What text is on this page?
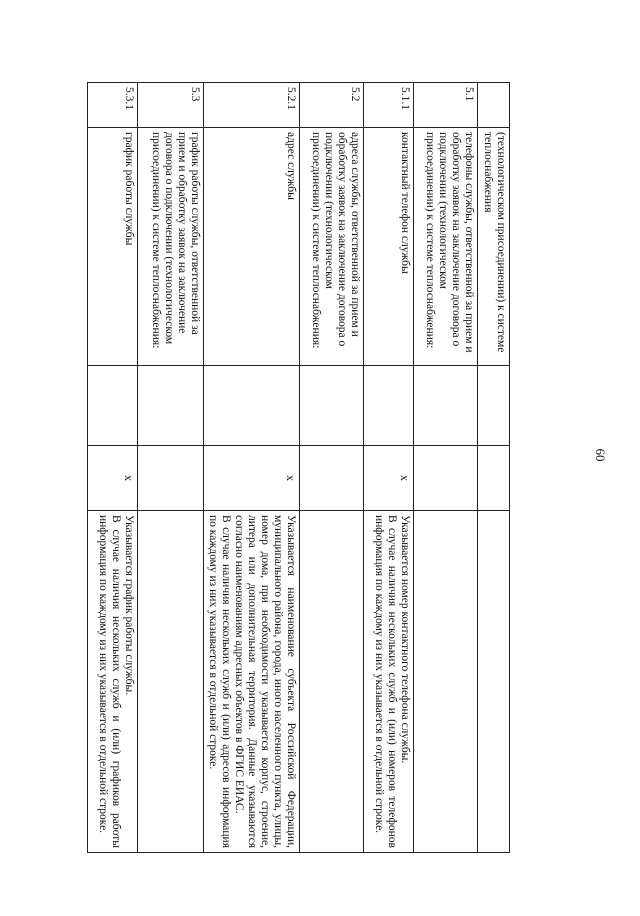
60
	(технологическом присоединении) к системе теплоснабжения			
5.1	телефоны службы, ответственной за прием и обработку заявок на заключение договора о подключении (технологическом присоединении) к системе теплоснабжения:			
5.1.1	контактный телефон службы		x	Указывается номер контактного телефона службы.
В случае наличия нескольких служб и (или) номеров телефонов информация по каждому из них указывается в отдельной строке.

5.2	адреса службы, ответственной за прием и обработку заявок на заключение договора о подключении (технологическом присоединении) к системе теплоснабжения:			
5.2.1	адрес службы		x	Указывается наименование субъекта Российской Федерации, муниципального района, города, иного населенного пункта, улицы, номер дома, при необходимости указывается корпус, строение, литера или дополнительная территория. Данные указываются согласно наименованиям адресных объектов в ФГИС ЕИАС.
В случае наличия нескольких служб и (или) адресов информация по каждому из них указывается в отдельной строке.

5.3	график работы службы, ответственной за прием и обработку заявок на заключение договора о подключении (технологическом присоединении) к системе теплоснабжения:			
5.3.1	график работы службы		x	Указывается график работы службы.
В случае наличия нескольких служб и (или) графиков работы информация по каждому из них указывается в отдельной строке.
